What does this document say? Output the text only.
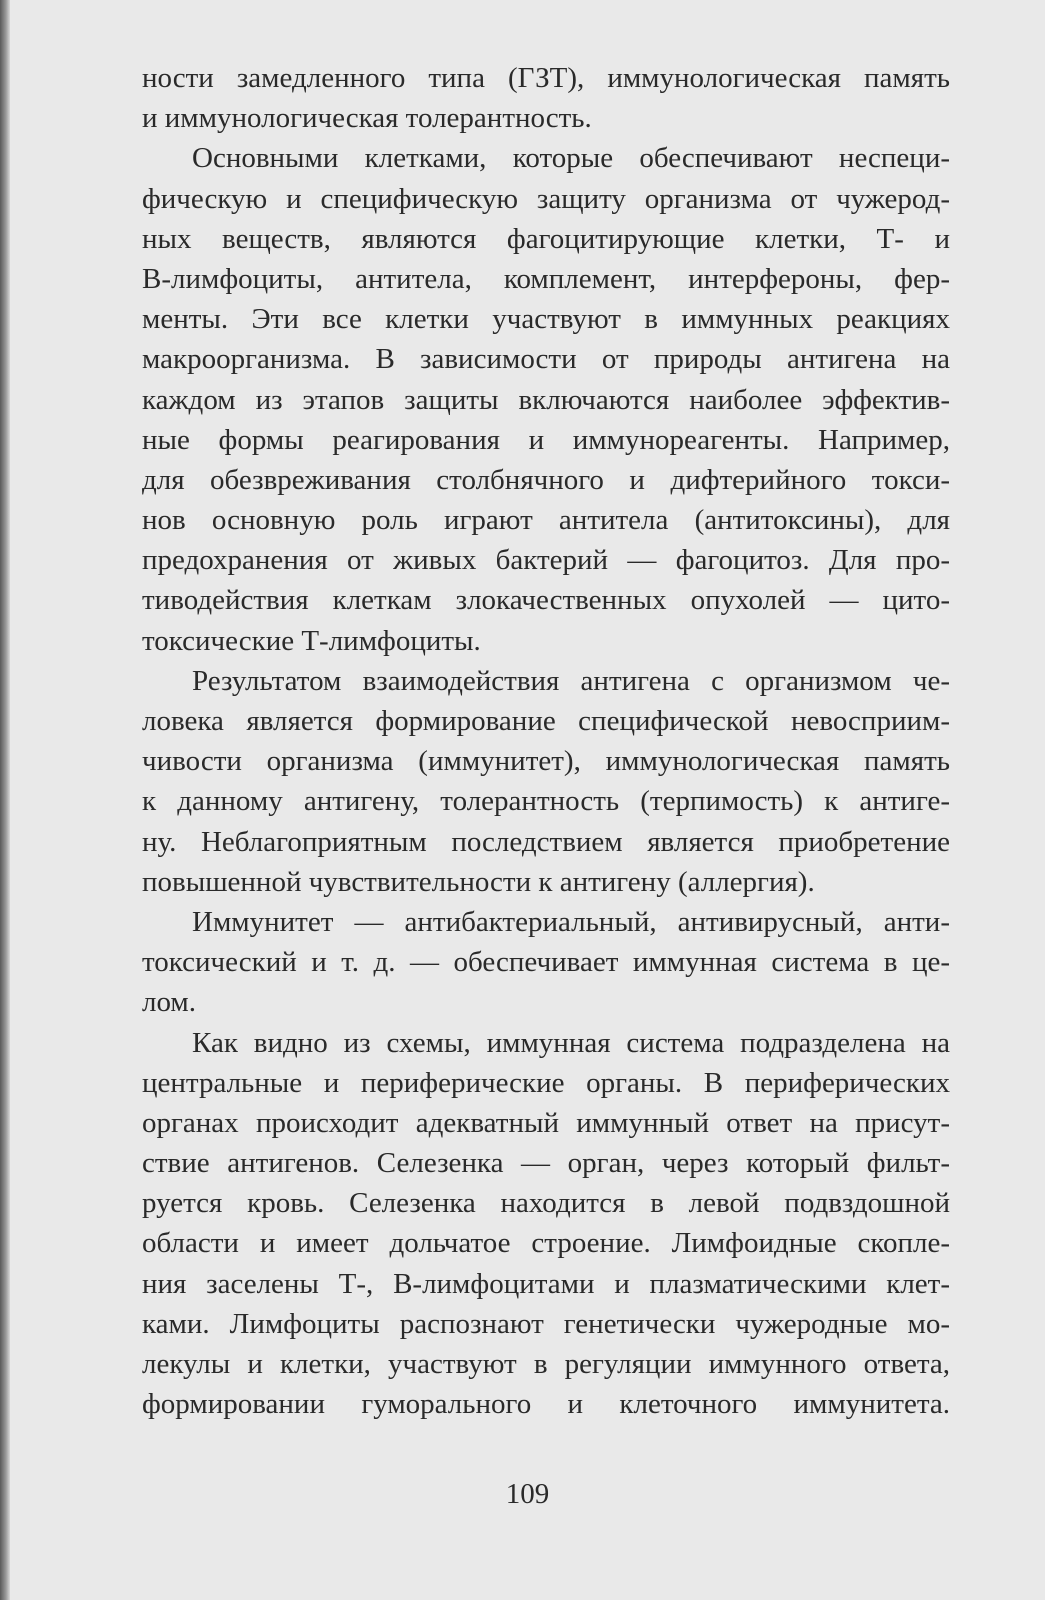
ности замедленного типа (ГЗТ), иммунологическая память
и иммунологическая толерантность.
Основными клетками, которые обеспечивают неспеци-
фическую и специфическую защиту организма от чужерод-
ных веществ, являются фагоцитирующие клетки, Т- и
В-лимфоциты, антитела, комплемент, интерфероны, фер-
менты. Эти все клетки участвуют в иммунных реакциях
макроорганизма. В зависимости от природы антигена на
каждом из этапов защиты включаются наиболее эффектив-
ные формы реагирования и иммунореагенты. Например,
для обезвреживания столбнячного и дифтерийного токси-
нов основную роль играют антитела (антитоксины), для
предохранения от живых бактерий — фагоцитоз. Для про-
тиводействия клеткам злокачественных опухолей — цито-
токсические Т-лимфоциты.
Результатом взаимодействия антигена с организмом че-
ловека является формирование специфической невосприим-
чивости организма (иммунитет), иммунологическая память
к данному антигену, толерантность (терпимость) к антиге-
ну. Неблагоприятным последствием является приобретение
повышенной чувствительности к антигену (аллергия).
Иммунитет — антибактериальный, антивирусный, анти-
токсический и т. д. — обеспечивает иммунная система в це-
лом.
Как видно из схемы, иммунная система подразделена на
центральные и периферические органы. В периферических
органах происходит адекватный иммунный ответ на присут-
ствие антигенов. Селезенка — орган, через который фильт-
руется кровь. Селезенка находится в левой подвздошной
области и имеет дольчатое строение. Лимфоидные скопле-
ния заселены Т-, В-лимфоцитами и плазматическими клет-
ками. Лимфоциты распознают генетически чужеродные мо-
лекулы и клетки, участвуют в регуляции иммунного ответа,
формировании гуморального и клеточного иммунитета.
109
